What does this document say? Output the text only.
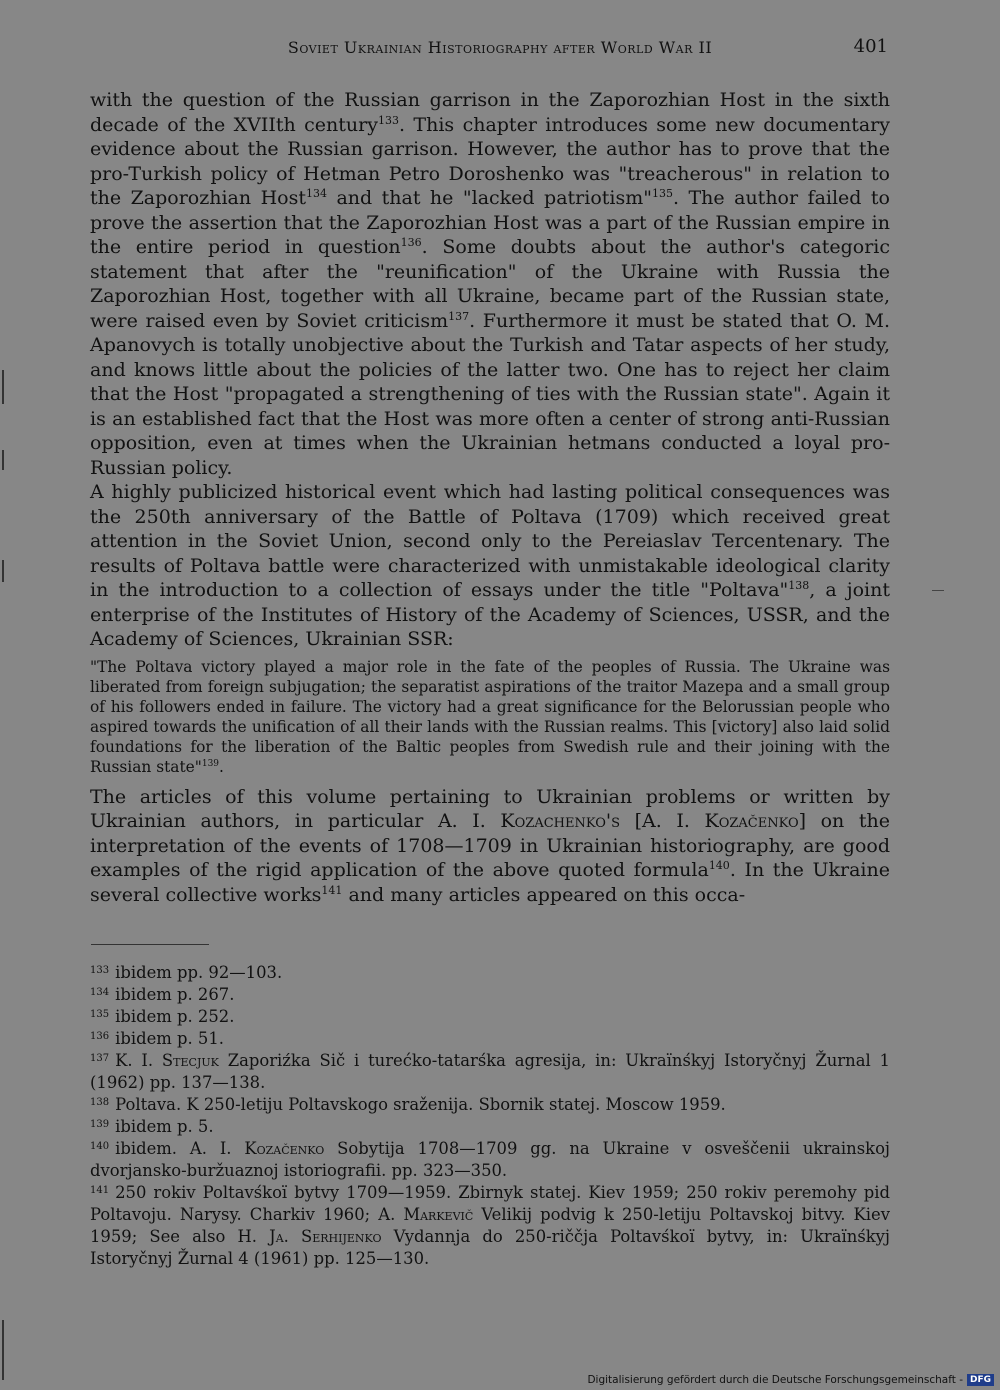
Soviet Ukrainian Historiography after World War II	401

with the question of the Russian garrison in the Zaporozhian Host in the sixth decade of the XVIIth century$^{133}$. This chapter introduces some new documentary evidence about the Russian garrison. However, the author has to prove that the pro-Turkish policy of Hetman Petro Doroshenko was "treacherous" in relation to the Zaporozhian Host$^{134}$ and that he "lacked patriotism"$^{135}$. The author failed to prove the assertion that the Zaporozhian Host was a part of the Russian empire in the entire period in question$^{136}$. Some doubts about the author's categoric statement that after the "reunification" of the Ukraine with Russia the Zaporozhian Host, together with all Ukraine, became part of the Russian state, were raised even by Soviet criticism$^{137}$. Furthermore it must be stated that O. M. Apanovych is totally unobjective about the Turkish and Tatar aspects of her study, and knows little about the policies of the latter two. One has to reject her claim that the Host "propagated a strengthening of ties with the Russian state". Again it is an established fact that the Host was more often a center of strong anti-Russian opposition, even at times when the Ukrainian hetmans conducted a loyal pro-Russian policy.

A highly publicized historical event which had lasting political consequences was the 250th anniversary of the Battle of Poltava (1709) which received great attention in the Soviet Union, second only to the Pereiaslav Tercentenary. The results of Poltava battle were characterized with unmistakable ideological clarity in the introduction to a collection of essays under the title "Poltava"$^{138}$, a joint enterprise of the Institutes of History of the Academy of Sciences, USSR, and the Academy of Sciences, Ukrainian SSR:

"The Poltava victory played a major role in the fate of the peoples of Russia. The Ukraine was liberated from foreign subjugation; the separatist aspirations of the traitor Mazepa and a small group of his followers ended in failure. The victory had a great significance for the Belorussian people who aspired towards the unification of all their lands with the Russian realms. This [victory] also laid solid foundations for the liberation of the Baltic peoples from Swedish rule and their joining with the Russian state"$^{139}$.

The articles of this volume pertaining to Ukrainian problems or written by Ukrainian authors, in particular A. I. Kozachenko's [A. I. Kozačenko] on the interpretation of the events of 1708—1709 in Ukrainian historiography, are good examples of the rigid application of the above quoted formula$^{140}$. In the Ukraine several collective works$^{141}$ and many articles appeared on this occa-

$^{133}$ ibidem pp. 92—103.

$^{134}$ ibidem p. 267.

$^{135}$ ibidem p. 252.

$^{136}$ ibidem p. 51.

$^{137}$ K. I. Stecjuk Zaporiźka Sič i turećko-tatarśka agresija, in: Ukraïnśkyj Istoryčnyj Žurnal 1 (1962) pp. 137—138.

$^{138}$ Poltava. K 250-letiju Poltavskogo sraženija. Sbornik statej. Moscow 1959.

$^{139}$ ibidem p. 5.

$^{140}$ ibidem. A. I. Kozačenko Sobytija 1708—1709 gg. na Ukraine v osveščenii ukrainskoj dvorjansko-buržuaznoj istoriografii. pp. 323—350.

$^{141}$ 250 rokiv Poltavśkoï bytvy 1709—1959. Zbirnyk statej. Kiev 1959; 250 rokiv peremohy pid Poltavoju. Narysy. Charkiv 1960; A. Markevič Velikij podvig k 250-letiju Poltavskoj bitvy. Kiev 1959; See also H. Ja. Serhijenko Vydannja do 250-riččja Poltavśkoï bytvy, in: Ukraïnśkyj Istoryčnyj Žurnal 4 (1961) pp. 125—130.

Digitalisierung gefördert durch die Deutsche Forschungsgemeinschaft - DFG
